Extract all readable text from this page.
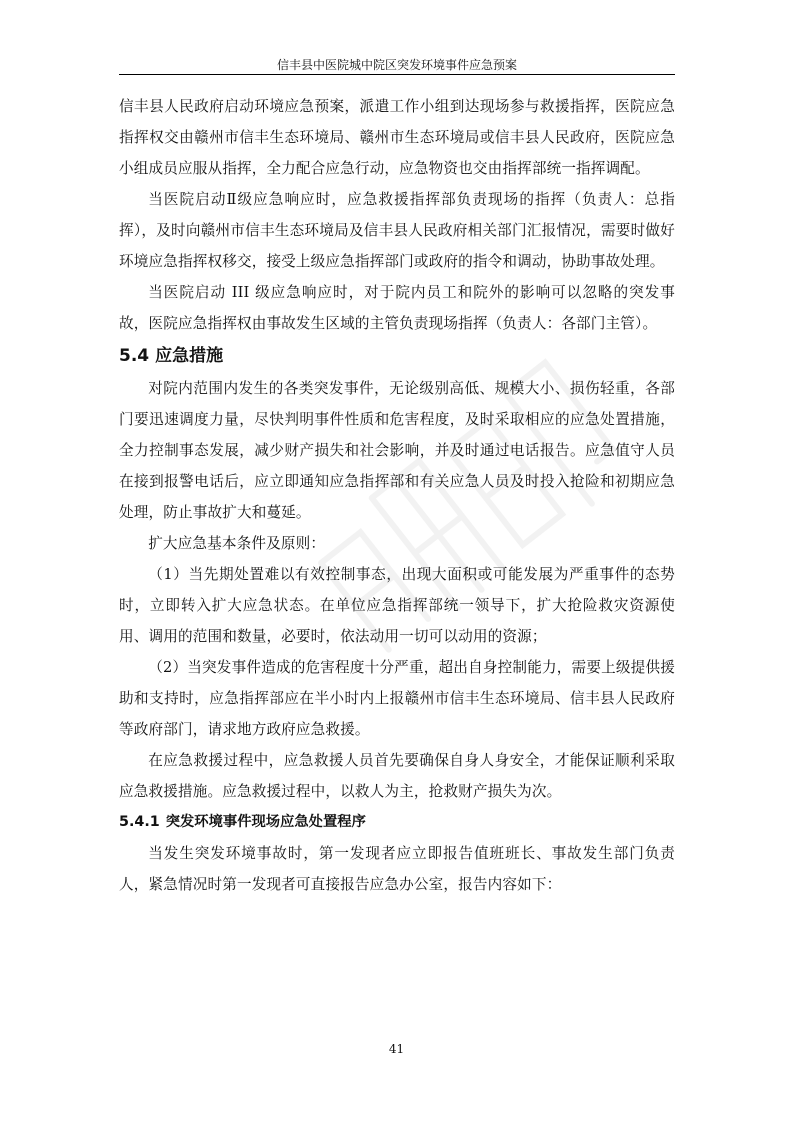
信丰县中医院城中院区突发环境事件应急预案

信丰县人民政府启动环境应急预案，派遣工作小组到达现场参与救援指挥，医院应急指挥权交由赣州市信丰生态环境局、赣州市生态环境局或信丰县人民政府，医院应急小组成员应服从指挥，全力配合应急行动，应急物资也交由指挥部统一指挥调配。

当医院启动Ⅱ级应急响应时，应急救援指挥部负责现场的指挥（负责人：总指挥），及时向赣州市信丰生态环境局及信丰县人民政府相关部门汇报情况，需要时做好环境应急指挥权移交，接受上级应急指挥部门或政府的指令和调动，协助事故处理。

当医院启动 III 级应急响应时，对于院内员工和院外的影响可以忽略的突发事故，医院应急指挥权由事故发生区域的主管负责现场指挥（负责人：各部门主管）。

5.4 应急措施

对院内范围内发生的各类突发事件，无论级别高低、规模大小、损伤轻重，各部门要迅速调度力量，尽快判明事件性质和危害程度，及时采取相应的应急处置措施，全力控制事态发展，减少财产损失和社会影响，并及时通过电话报告。应急值守人员在接到报警电话后，应立即通知应急指挥部和有关应急人员及时投入抢险和初期应急处理，防止事故扩大和蔓延。

扩大应急基本条件及原则：

（1）当先期处置难以有效控制事态，出现大面积或可能发展为严重事件的态势时，立即转入扩大应急状态。在单位应急指挥部统一领导下，扩大抢险救灾资源使用、调用的范围和数量，必要时，依法动用一切可以动用的资源；

（2）当突发事件造成的危害程度十分严重，超出自身控制能力，需要上级提供援助和支持时，应急指挥部应在半小时内上报赣州市信丰生态环境局、信丰县人民政府等政府部门，请求地方政府应急救援。

在应急救援过程中，应急救援人员首先要确保自身人身安全，才能保证顺利采取应急救援措施。应急救援过程中，以救人为主，抢救财产损失为次。

5.4.1 突发环境事件现场应急处置程序

当发生突发环境事故时，第一发现者应立即报告值班班长、事故发生部门负责人，紧急情况时第一发现者可直接报告应急办公室，报告内容如下：

41
